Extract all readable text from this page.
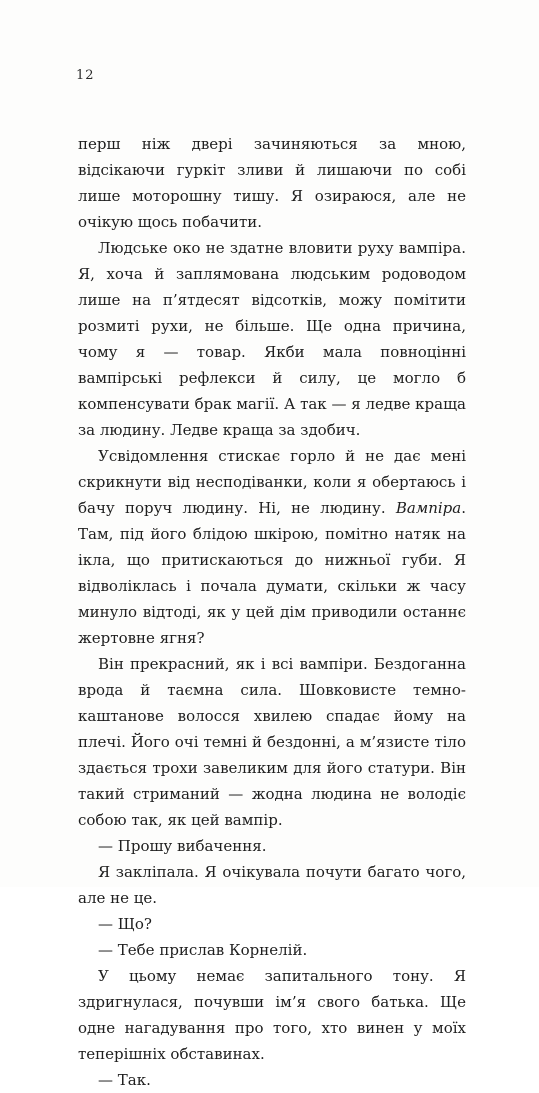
12

перш ніж двері зачиняються за мною, відсікаючи гуркіт зливи й лишаючи по собі лише моторошну тишу. Я озираюся, але не очікую щось побачити.

Людське око не здатне вловити руху вампіра. Я, хоча й заплямована людським родоводом лише на п’ятдесят відсотків, можу помітити розмиті рухи, не більше. Ще одна причина, чому я — товар. Якби мала повноцінні вампірські рефлекси й силу, це могло б компенсувати брак магії. А так — я ледве краща за людину. Ледве краща за здобич.

Усвідомлення стискає горло й не дає мені скрикнути від несподіванки, коли я обертаюсь і бачу поруч людину. Ні, не людину. Вампіра. Там, під його блідою шкірою, помітно натяк на ікла, що притискаються до нижньої губи. Я відволіклась і почала думати, скільки ж часу минуло відтоді, як у цей дім приводили останнє жертовне ягня?

Він прекрасний, як і всі вампіри. Бездоганна врода й таємна сила. Шовковисте темно-каштанове волосся хвилею спадає йому на плечі. Його очі темні й бездонні, а м’язисте тіло здається трохи завеликим для його статури. Він такий стриманий — жодна людина не володіє собою так, як цей вампір.

— Прошу вибачення.

Я закліпала. Я очікувала почути багато чого, але не це.

— Що?

— Тебе прислав Корнелій.

У цьому немає запитального тону. Я здригнулася, почувши ім’я свого батька. Ще одне нагадування про того, хто винен у моїх теперішніх обставинах.

— Так.
